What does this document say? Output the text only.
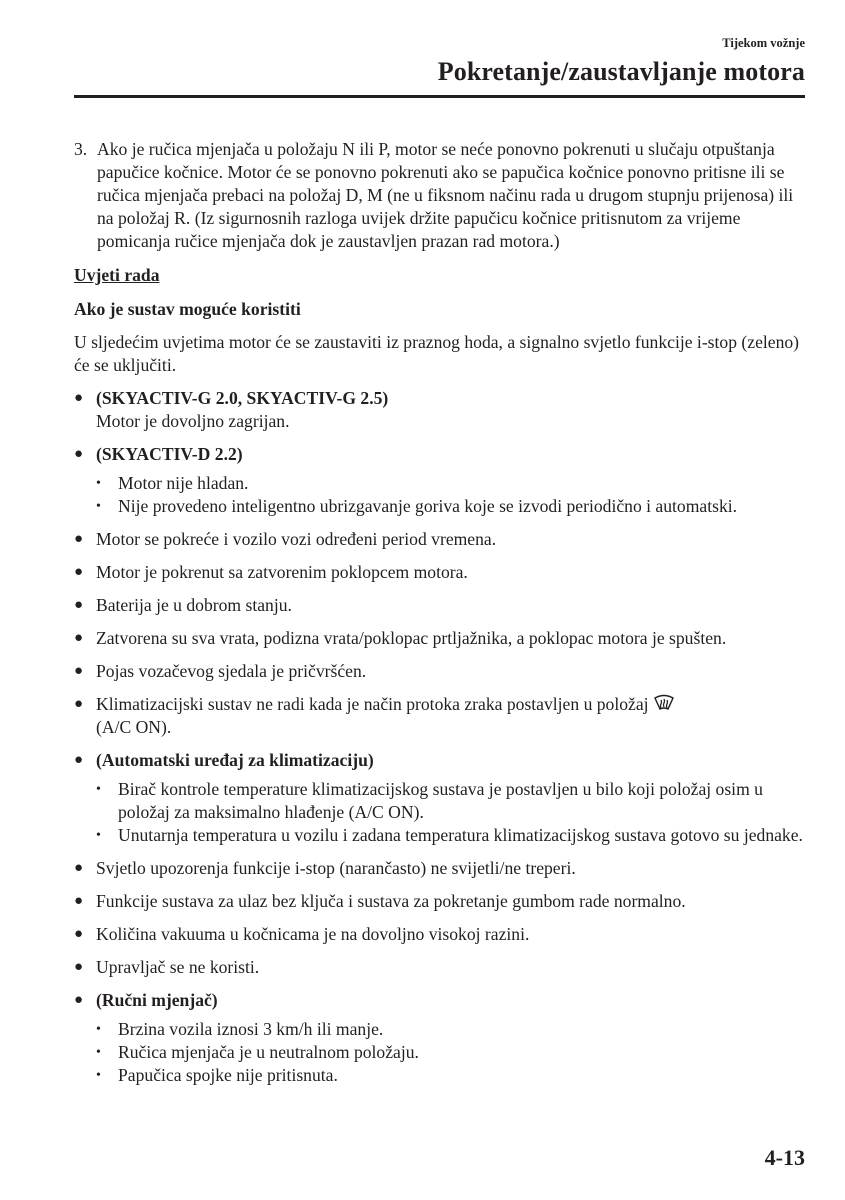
Tijekom vožnje
Pokretanje/zaustavljanje motora
3. Ako je ručica mjenjača u položaju N ili P, motor se neće ponovno pokrenuti u slučaju otpuštanja papučice kočnice. Motor će se ponovno pokrenuti ako se papučica kočnice ponovno pritisne ili se ručica mjenjača prebaci na položaj D, M (ne u fiksnom načinu rada u drugom stupnju prijenosa) ili na položaj R. (Iz sigurnosnih razloga uvijek držite papučicu kočnice pritisnutom za vrijeme pomicanja ručice mjenjača dok je zaustavljen prazan rad motora.)
Uvjeti rada
Ako je sustav moguće koristiti
U sljedećim uvjetima motor će se zaustaviti iz praznog hoda, a signalno svjetlo funkcije i-stop (zeleno) će se uključiti.
● (SKYACTIV-G 2.0, SKYACTIV-G 2.5)
Motor je dovoljno zagrijan.
● (SKYACTIV-D 2.2)
• Motor nije hladan.
• Nije provedeno inteligentno ubrizgavanje goriva koje se izvodi periodično i automatski.
● Motor se pokreće i vozilo vozi određeni period vremena.
● Motor je pokrenut sa zatvorenim poklopcem motora.
● Baterija je u dobrom stanju.
● Zatvorena su sva vrata, podizna vrata/poklopac prtljažnika, a poklopac motora je spušten.
● Pojas vozačevog sjedala je pričvršćen.
● Klimatizacijski sustav ne radi kada je način protoka zraka postavljen u položaj
(A/C ON).
● (Automatski uređaj za klimatizaciju)
• Birač kontrole temperature klimatizacijskog sustava je postavljen u bilo koji položaj osim u položaj za maksimalno hlađenje (A/C ON).
• Unutarnja temperatura u vozilu i zadana temperatura klimatizacijskog sustava gotovo su jednake.
● Svjetlo upozorenja funkcije i-stop (narančasto) ne svijetli/ne treperi.
● Funkcije sustava za ulaz bez ključa i sustava za pokretanje gumbom rade normalno.
● Količina vakuuma u kočnicama je na dovoljno visokoj razini.
● Upravljač se ne koristi.
● (Ručni mjenjač)
• Brzina vozila iznosi 3 km/h ili manje.
• Ručica mjenjača je u neutralnom položaju.
• Papučica spojke nije pritisnuta.
4-13
